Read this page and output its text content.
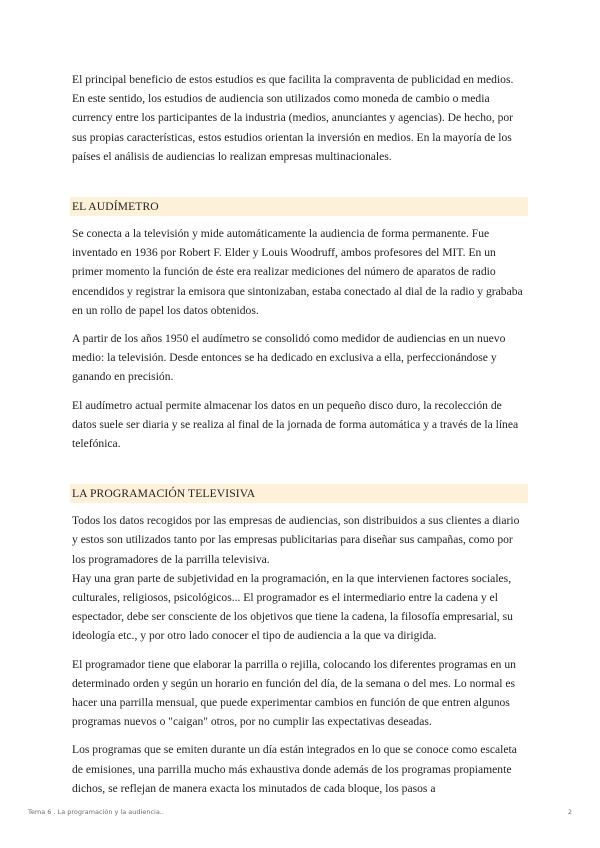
El principal beneficio de estos estudios es que facilita la compraventa de publicidad en medios. En este sentido, los estudios de audiencia son utilizados como moneda de cambio o media currency entre los participantes de la industria (medios, anunciantes y agencias). De hecho, por sus propias características, estos estudios orientan la inversión en medios. En la mayoría de los países el análisis de audiencias lo realizan empresas multinacionales.

EL AUDÍMETRO

Se conecta a la televisión y mide automáticamente la audiencia de forma permanente. Fue inventado en 1936 por Robert F. Elder y Louis Woodruff, ambos profesores del MIT. En un primer momento la función de éste era realizar mediciones del número de aparatos de radio encendidos y registrar la emisora que sintonizaban, estaba conectado al dial de la radio y grababa en un rollo de papel los datos obtenidos.

A partir de los años 1950 el audímetro se consolidó como medidor de audiencias en un nuevo medio: la televisión. Desde entonces se ha dedicado en exclusiva a ella, perfeccionándose y ganando en precisión.

El audímetro actual permite almacenar los datos en un pequeño disco duro, la recolección de datos suele ser diaria y se realiza al final de la jornada de forma automática y a través de la línea telefónica.

LA PROGRAMACIÓN TELEVISIVA

Todos los datos recogidos por las empresas de audiencias, son distribuidos a sus clientes a diario y estos son utilizados tanto por las empresas publicitarias para diseñar sus campañas, como por los programadores de la parrilla televisiva.

Hay una gran parte de subjetividad en la programación, en la que intervienen factores sociales, culturales, religiosos, psicológicos... El programador es el intermediario entre la cadena y el espectador, debe ser consciente de los objetivos que tiene la cadena, la filosofía empresarial, su ideología etc., y por otro lado conocer el tipo de audiencia a la que va dirigida.

El programador tiene que elaborar la parrilla o rejilla, colocando los diferentes programas en un determinado orden y según un horario en función del día, de la semana o del mes. Lo normal es hacer una parrilla mensual, que puede experimentar cambios en función de que entren algunos programas nuevos o "caigan" otros, por no cumplir las expectativas deseadas.

Los programas que se emiten durante un día están integrados en lo que se conoce como escaleta de emisiones, una parrilla mucho más exhaustiva donde además de los programas propiamente dichos, se reflejan de manera exacta los minutados de cada bloque, los pasos a

Tema 6 . La programación y la audiencia..	2
